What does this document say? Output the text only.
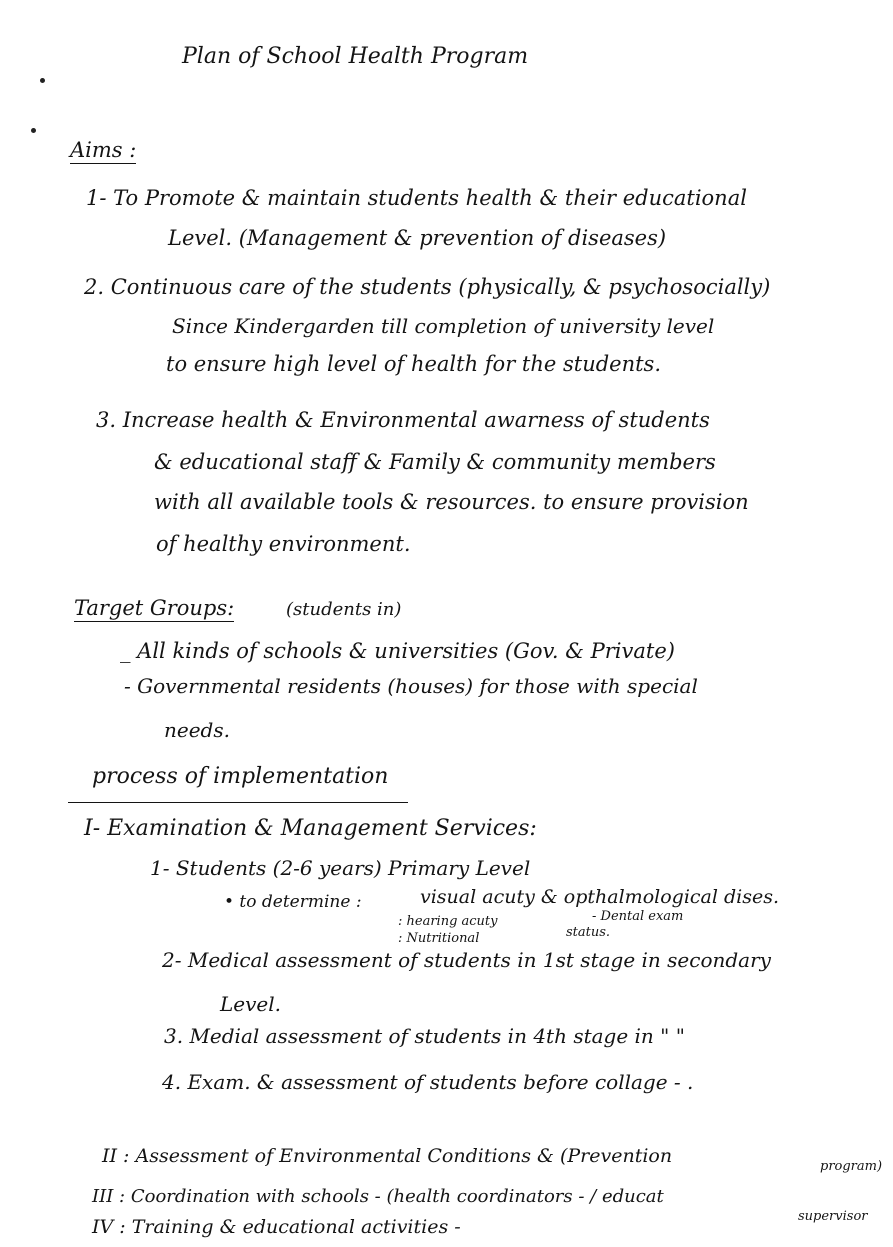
Plan of School Health Program
Aims :
1- To Promote & maintain students health & their educational
Level. (Management & prevention of diseases)
2. Continuous care of the students (physically, & psychosocially)
Since Kindergarden till completion of university level
to ensure high level of health for the students.
3. Increase health & Environmental awarness of students
& educational staff & Family & community members
with all available tools & resources. to ensure provision
of healthy environment.
Target Groups:	(students in)
_ All kinds of schools & universities (Gov. & Private)
- Governmental residents (houses) for those with special
needs.
process of implementation
I- Examination & Management Services:
1- Students (2-6 years) Primary Level
• to determine :	visual acuty & opthalmological dises.
: hearing acuty	- Dental exam
: Nutritional	status.
2- Medical assessment of students in 1st stage in secondary
Level.
3. Medial assessment of students in 4th stage in " "
4. Exam. & assessment of students before collage - .
II : Assessment of Environmental Conditions & (Prevention	program)
III : Coordination with schools - (health coordinators - / educat
supervisor
IV : Training & educational activities -
